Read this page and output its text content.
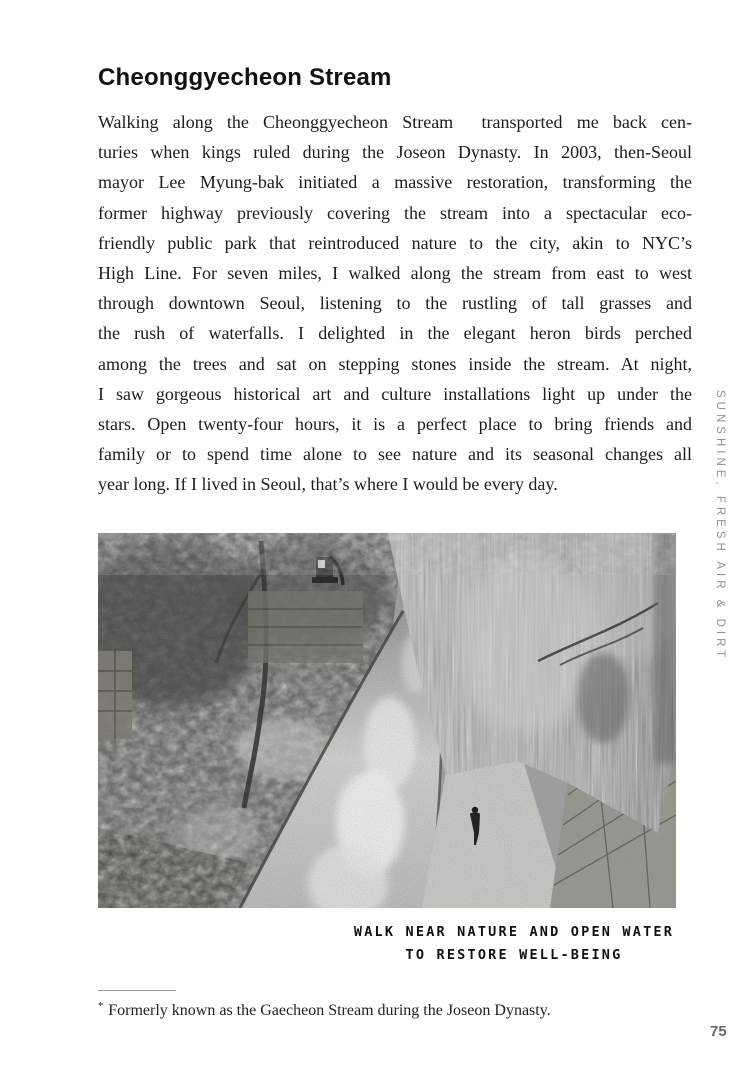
Cheonggyecheon Stream
Walking along the Cheonggyecheon Stream  transported me back cen-
turies when kings ruled during the Joseon Dynasty. In 2003, then-Seoul
mayor Lee Myung-bak initiated a massive restoration, transforming the
former highway previously covering the stream into a spectacular eco-
friendly public park that reintroduced nature to the city, akin to NYC’s
High Line. For seven miles, I walked along the stream from east to west
through downtown Seoul, listening to the rustling of tall grasses and
the rush of waterfalls. I delighted in the elegant heron birds perched
among the trees and sat on stepping stones inside the stream. At night,
I saw gorgeous historical art and culture installations light up under the
stars. Open twenty-four hours, it is a perfect place to bring friends and
family or to spend time alone to see nature and its seasonal changes all
year long. If I lived in Seoul, that’s where I would be every day.
WALK NEAR NATURE AND OPEN WATER
TO RESTORE WELL-BEING

* Formerly known as the Gaecheon Stream during the Joseon Dynasty.

SUNSHINE, FRESH AIR & DIRT
75
